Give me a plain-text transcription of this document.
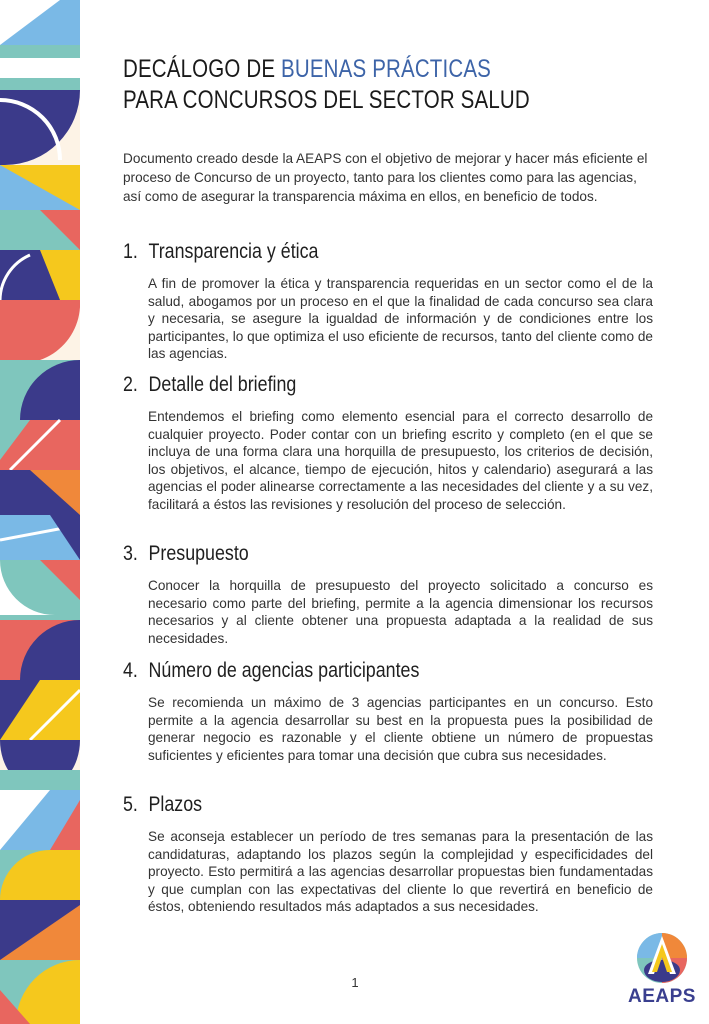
DECÁLOGO DE BUENAS PRÁCTICAS
PARA CONCURSOS DEL SECTOR SALUD
Documento creado desde la AEAPS con el objetivo de mejorar y hacer más eficiente el proceso de Concurso de un proyecto, tanto para los clientes como para las agencias, así como de asegurar la transparencia máxima en ellos, en beneficio de todos.
1. Transparencia y ética
A fin de promover la ética y transparencia requeridas en un sector como el de la salud, abogamos por un proceso en el que la finalidad de cada concurso sea clara y necesaria, se asegure la igualdad de información y de condiciones entre los participantes, lo que optimiza el uso eficiente de recursos, tanto del cliente como de las agencias.
2. Detalle del briefing
Entendemos el briefing como elemento esencial para el correcto desarrollo de cualquier proyecto. Poder contar con un briefing escrito y completo (en el que se incluya de una forma clara una horquilla de presupuesto, los criterios de decisión, los objetivos, el alcance, tiempo de ejecución, hitos y calendario) asegurará a las agencias el poder alinearse correctamente a las necesidades del cliente y a su vez, facilitará a éstos las revisiones y resolución del proceso de selección.
3. Presupuesto
Conocer la horquilla de presupuesto del proyecto solicitado a concurso es necesario como parte del briefing, permite a la agencia dimensionar los recursos necesarios y al cliente obtener una propuesta adaptada a la realidad de sus necesidades.
4. Número de agencias participantes
Se recomienda un máximo de 3 agencias participantes en un concurso. Esto permite a la agencia desarrollar su best en la propuesta pues la posibilidad de generar negocio es razonable y el cliente obtiene un número de propuestas suficientes y eficientes para tomar una decisión que cubra sus necesidades.
5. Plazos
Se aconseja establecer un período de tres semanas para la presentación de las candidaturas, adaptando los plazos según la complejidad y especificidades del proyecto. Esto permitirá a las agencias desarrollar propuestas bien fundamentadas y que cumplan con las expectativas del cliente lo que revertirá en beneficio de éstos, obteniendo resultados más adaptados a sus necesidades.
1
AEAPS
